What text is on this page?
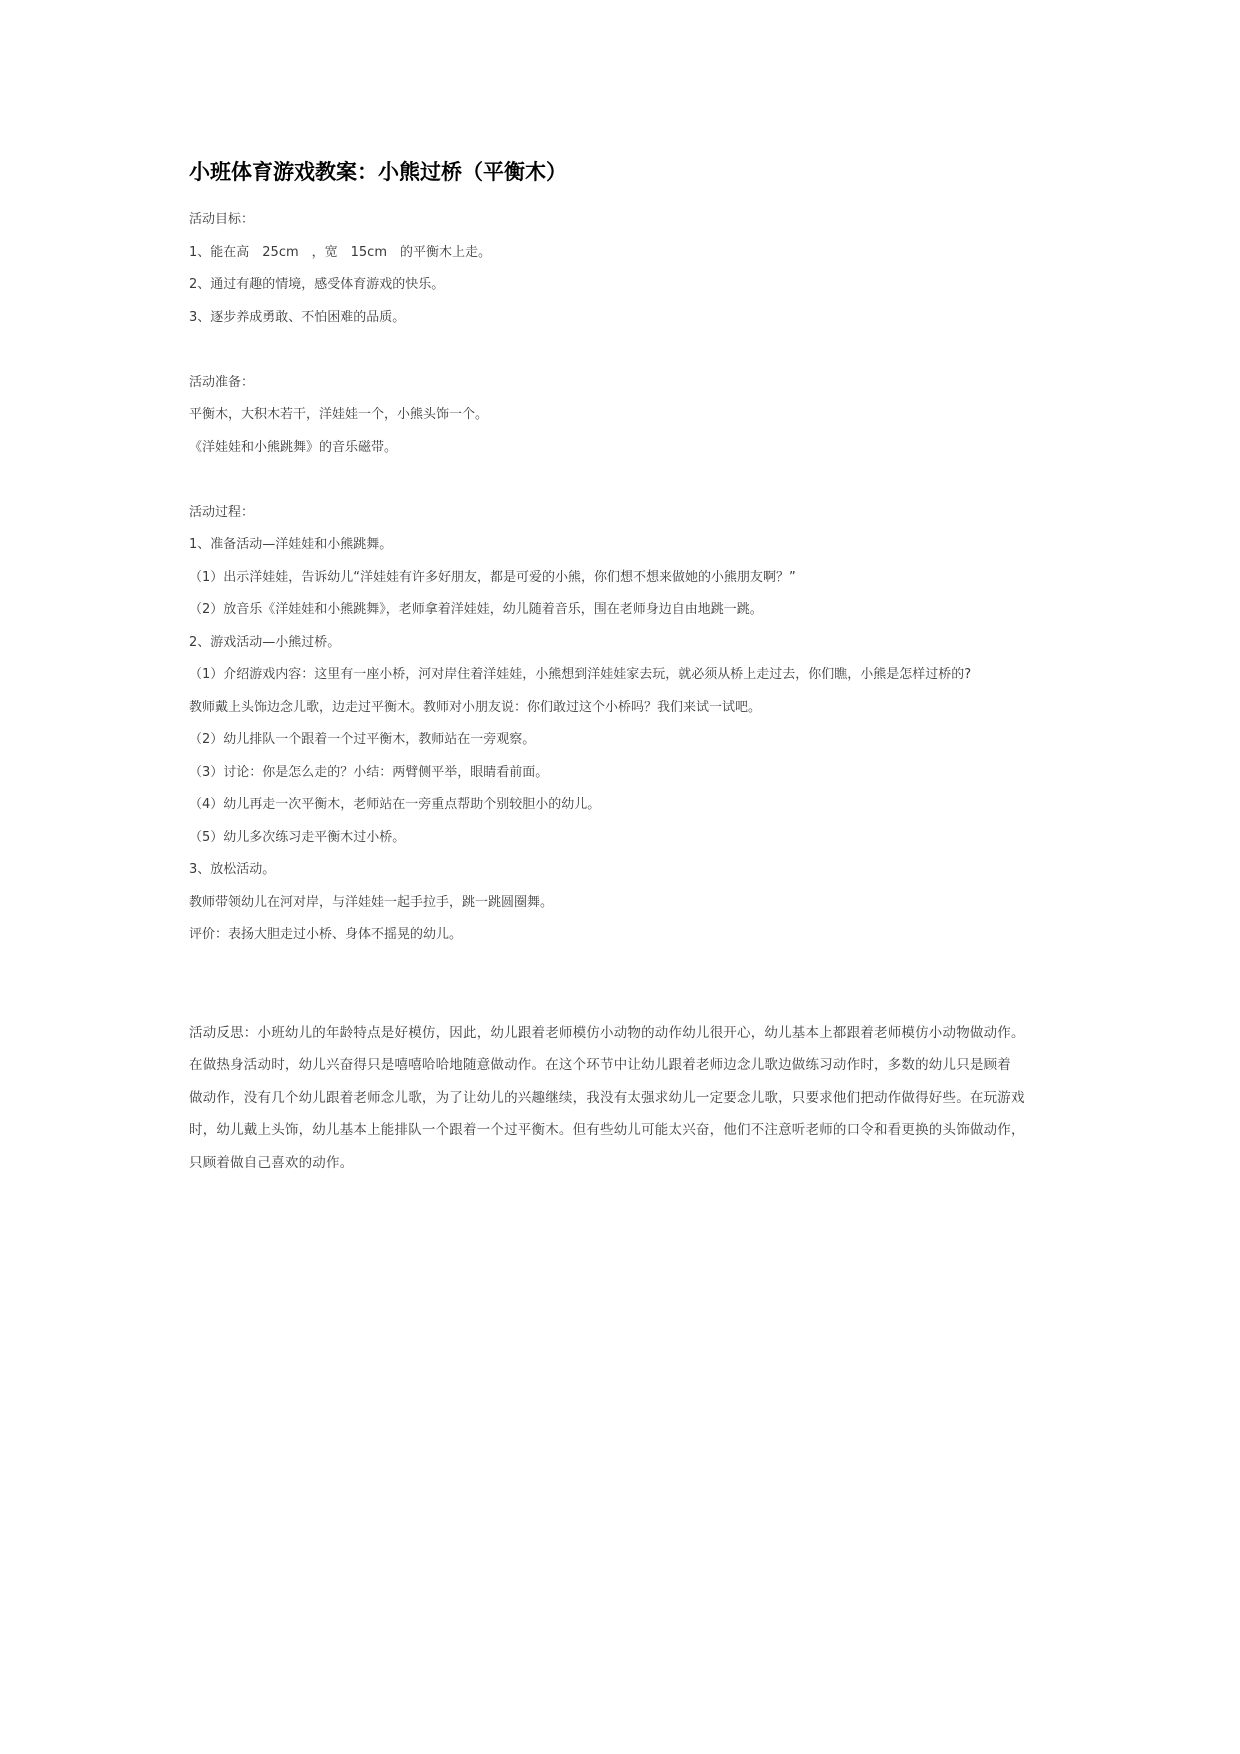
小班体育游戏教案：小熊过桥（平衡木）
活动目标：
1、能在高　25cm　，宽　15cm　的平衡木上走。
2、通过有趣的情境，感受体育游戏的快乐。
3、逐步养成勇敢、不怕困难的品质。
活动准备：
平衡木，大积木若干，洋娃娃一个，小熊头饰一个。
《洋娃娃和小熊跳舞》的音乐磁带。
活动过程：
1、准备活动—洋娃娃和小熊跳舞。
（1）出示洋娃娃，告诉幼儿“洋娃娃有许多好朋友，都是可爱的小熊，你们想不想来做她的小熊朋友啊？”
（2）放音乐《洋娃娃和小熊跳舞》，老师拿着洋娃娃，幼儿随着音乐，围在老师身边自由地跳一跳。
2、游戏活动—小熊过桥。
（1）介绍游戏内容：这里有一座小桥，河对岸住着洋娃娃，小熊想到洋娃娃家去玩，就必须从桥上走过去，你们瞧，小熊是怎样过桥的?
教师戴上头饰边念儿歌，边走过平衡木。教师对小朋友说：你们敢过这个小桥吗？我们来试一试吧。
（2）幼儿排队一个跟着一个过平衡木，教师站在一旁观察。
（3）讨论：你是怎么走的？小结：两臂侧平举，眼睛看前面。
（4）幼儿再走一次平衡木，老师站在一旁重点帮助个别较胆小的幼儿。
（5）幼儿多次练习走平衡木过小桥。
3、放松活动。
教师带领幼儿在河对岸，与洋娃娃一起手拉手，跳一跳圆圈舞。
评价：表扬大胆走过小桥、身体不摇晃的幼儿。
活动反思：小班幼儿的年龄特点是好模仿，因此，幼儿跟着老师模仿小动物的动作幼儿很开心，幼儿基本上都跟着老师模仿小动物做动作。
在做热身活动时，幼儿兴奋得只是嘻嘻哈哈地随意做动作。在这个环节中让幼儿跟着老师边念儿歌边做练习动作时，多数的幼儿只是顾着
做动作，没有几个幼儿跟着老师念儿歌，为了让幼儿的兴趣继续，我没有太强求幼儿一定要念儿歌，只要求他们把动作做得好些。在玩游戏
时，幼儿戴上头饰，幼儿基本上能排队一个跟着一个过平衡木。但有些幼儿可能太兴奋，他们不注意听老师的口令和看更换的头饰做动作，
只顾着做自己喜欢的动作。
